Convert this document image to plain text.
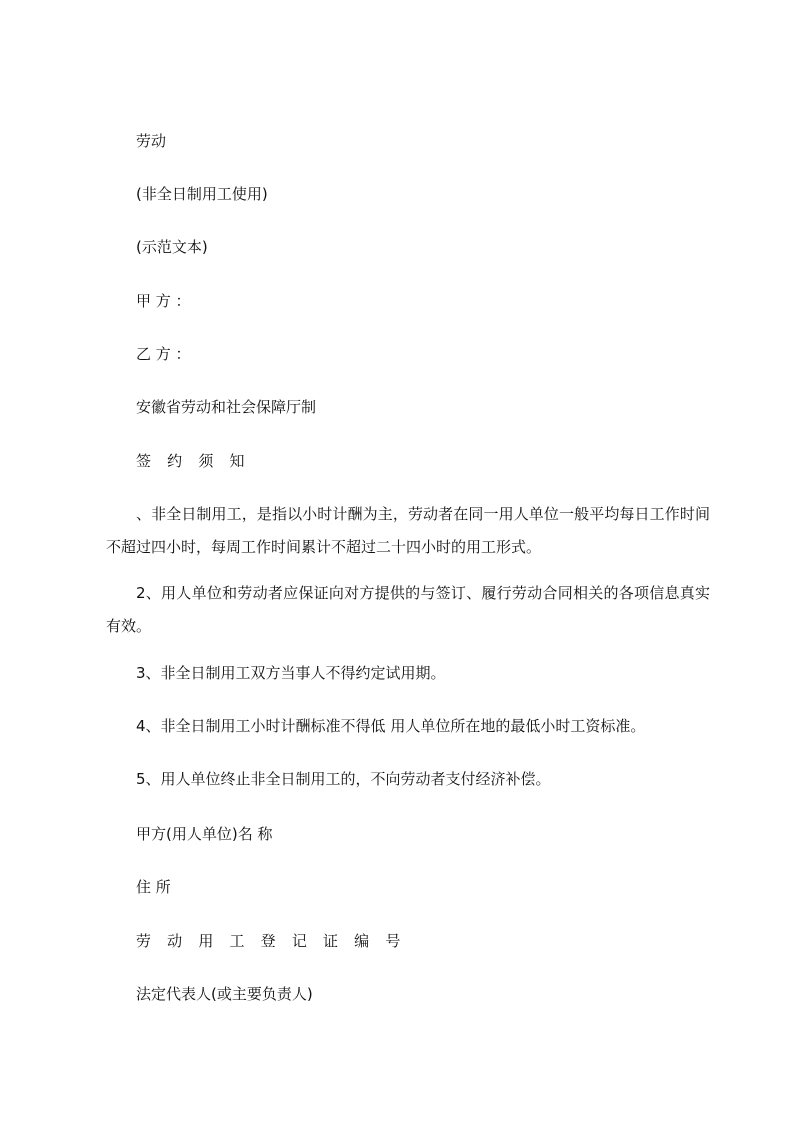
劳动
(非全日制用工使用)
(示范文本)
甲 方 ：
乙 方 ：
安徽省劳动和社会保障厅制
签 约 须 知
、非全日制用工，是指以小时计酬为主，劳动者在同一用人单位一般平均每日工作时间不超过四小时，每周工作时间累计不超过二十四小时的用工形式。
2、用人单位和劳动者应保证向对方提供的与签订、履行劳动合同相关的各项信息真实有效。
3、非全日制用工双方当事人不得约定试用期。
4、非全日制用工小时计酬标准不得低 用人单位所在地的最低小时工资标准。
5、用人单位终止非全日制用工的，不向劳动者支付经济补偿。
甲方(用人单位)名 称
住 所
劳 动 用 工 登 记 证 编 号
法定代表人(或主要负责人)
